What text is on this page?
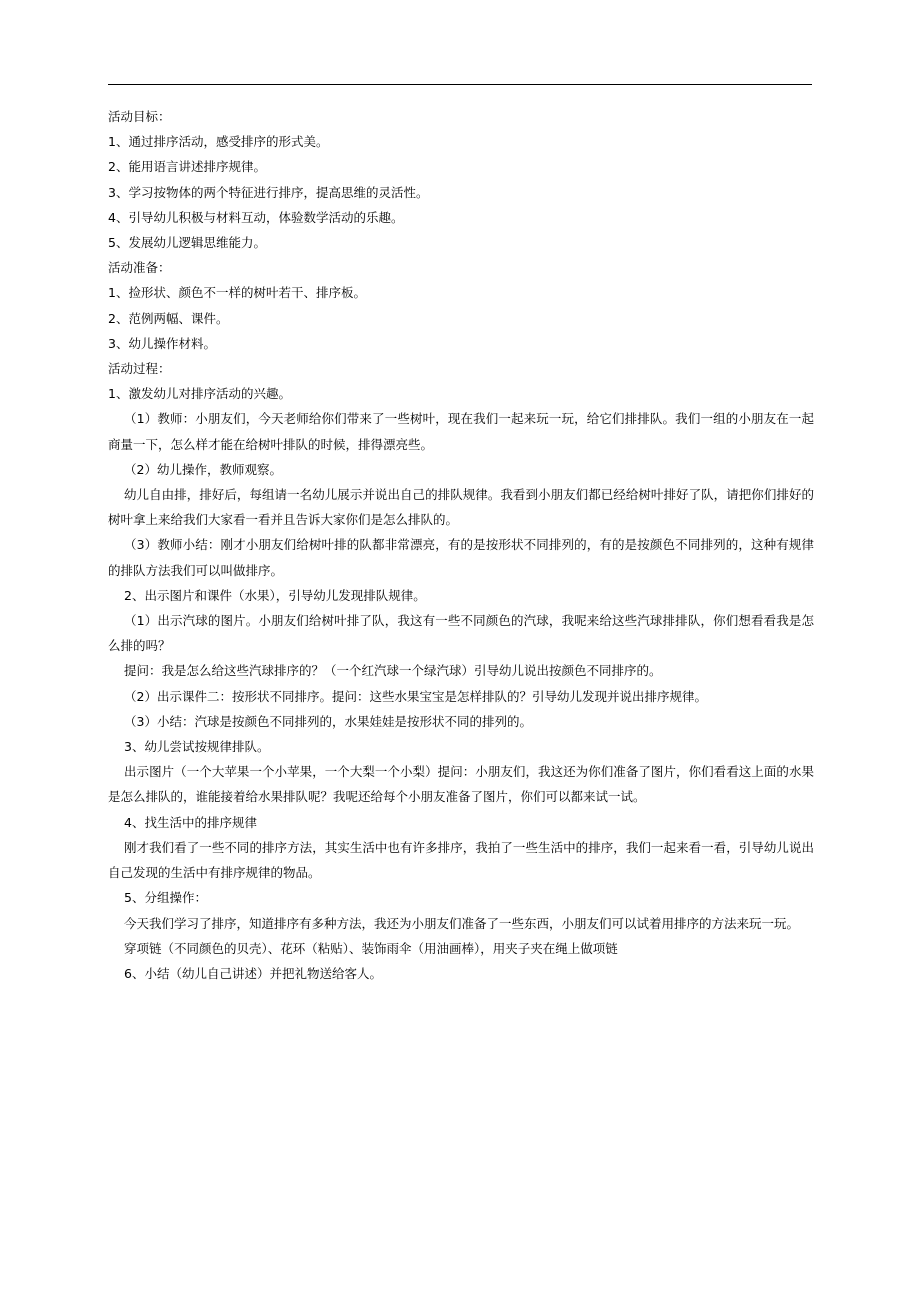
活动目标：

1、通过排序活动，感受排序的形式美。

2、能用语言讲述排序规律。

3、学习按物体的两个特征进行排序，提高思维的灵活性。

4、引导幼儿积极与材料互动，体验数学活动的乐趣。

5、发展幼儿逻辑思维能力。

活动准备：

1、捡形状、颜色不一样的树叶若干、排序板。

2、范例两幅、课件。

3、幼儿操作材料。

活动过程：

1、激发幼儿对排序活动的兴趣。

（1）教师：小朋友们，今天老师给你们带来了一些树叶，现在我们一起来玩一玩，给它们排排队。我们一组的小朋友在一起商量一下，怎么样才能在给树叶排队的时候，排得漂亮些。

（2）幼儿操作，教师观察。

幼儿自由排，排好后，每组请一名幼儿展示并说出自己的排队规律。我看到小朋友们都已经给树叶排好了队，请把你们排好的树叶拿上来给我们大家看一看并且告诉大家你们是怎么排队的。

（3）教师小结：刚才小朋友们给树叶排的队都非常漂亮，有的是按形状不同排列的，有的是按颜色不同排列的，这种有规律的排队方法我们可以叫做排序。

2、出示图片和课件（水果），引导幼儿发现排队规律。

（1）出示汽球的图片。小朋友们给树叶排了队，我这有一些不同颜色的汽球，我呢来给这些汽球排排队，你们想看看我是怎么排的吗？

提问：我是怎么给这些汽球排序的？（一个红汽球一个绿汽球）引导幼儿说出按颜色不同排序的。

（2）出示课件二：按形状不同排序。提问：这些水果宝宝是怎样排队的？引导幼儿发现并说出排序规律。

（3）小结：汽球是按颜色不同排列的，水果娃娃是按形状不同的排列的。

3、幼儿尝试按规律排队。

出示图片（一个大苹果一个小苹果，一个大梨一个小梨）提问：小朋友们，我这还为你们准备了图片，你们看看这上面的水果是怎么排队的，谁能接着给水果排队呢？我呢还给每个小朋友准备了图片，你们可以都来试一试。

4、找生活中的排序规律

刚才我们看了一些不同的排序方法，其实生活中也有许多排序，我拍了一些生活中的排序，我们一起来看一看，引导幼儿说出自己发现的生活中有排序规律的物品。

5、分组操作：

今天我们学习了排序，知道排序有多种方法，我还为小朋友们准备了一些东西，小朋友们可以试着用排序的方法来玩一玩。

穿项链（不同颜色的贝壳）、花环（粘贴）、装饰雨伞（用油画棒），用夹子夹在绳上做项链

6、小结（幼儿自己讲述）并把礼物送给客人。
